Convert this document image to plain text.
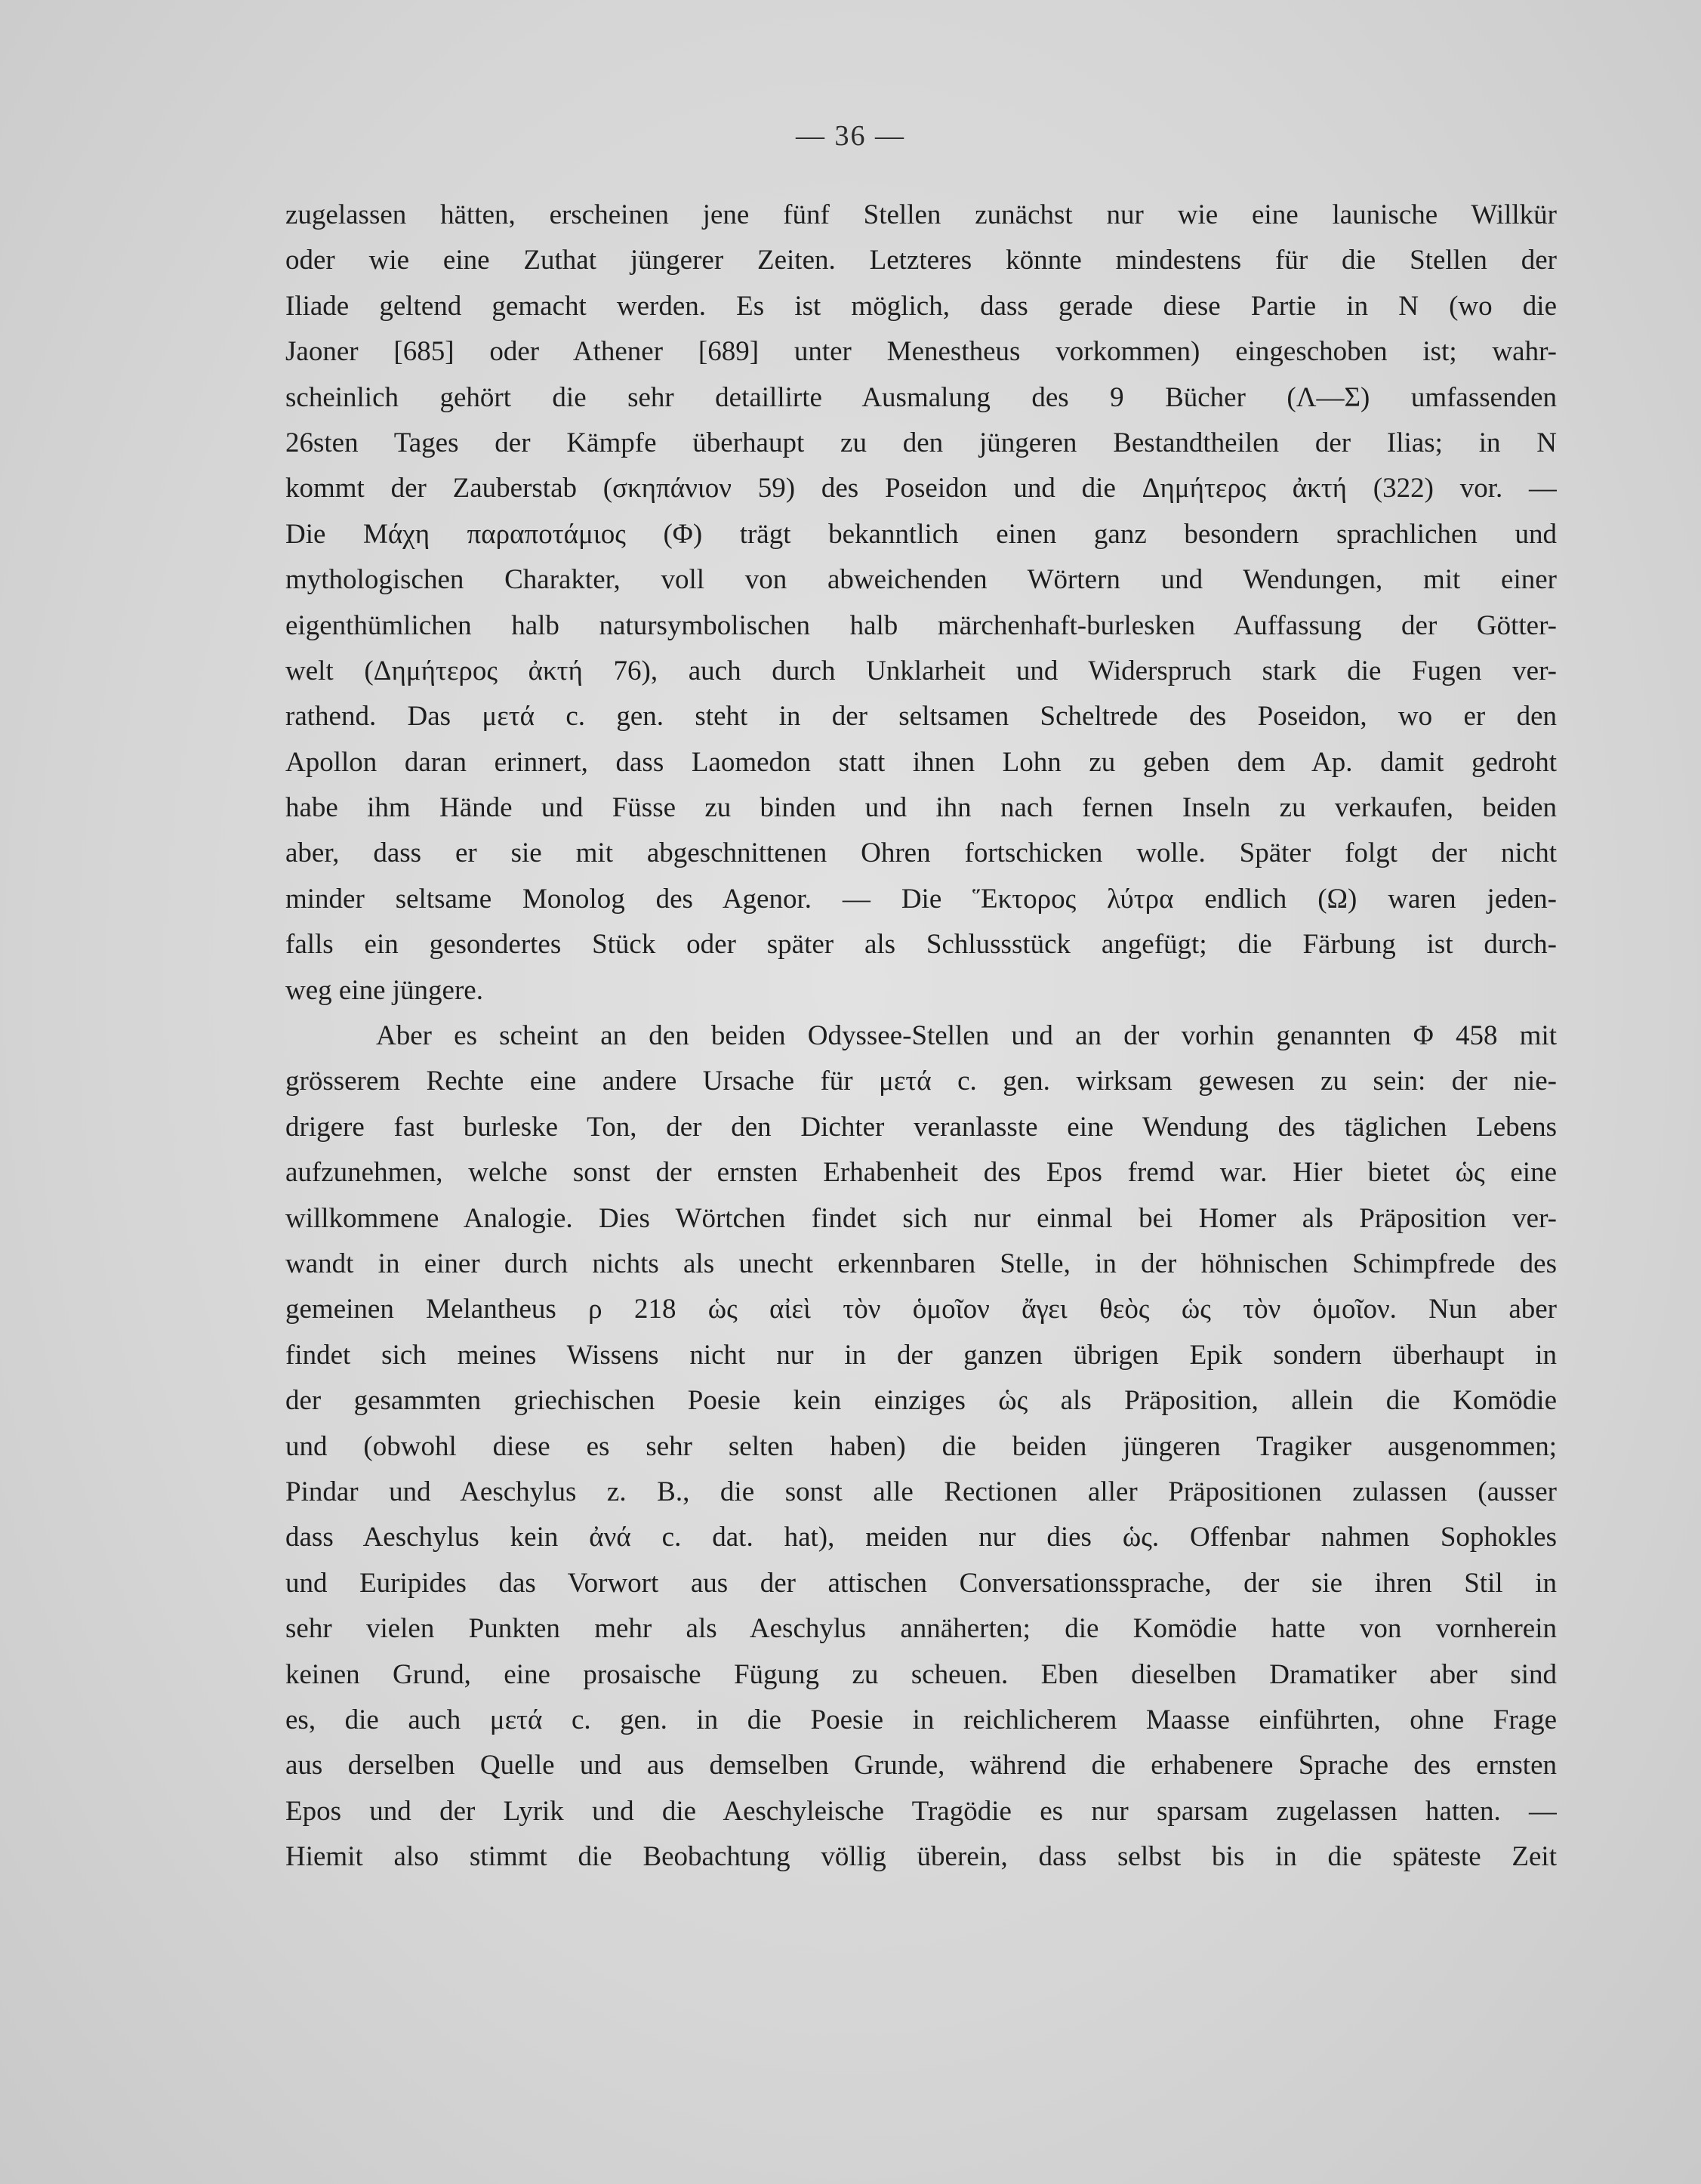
— 36 —
zugelassen hätten, erscheinen jene fünf Stellen zunächst nur wie eine launische Willkür
oder wie eine Zuthat jüngerer Zeiten. Letzteres könnte mindestens für die Stellen der
Iliade geltend gemacht werden. Es ist möglich, dass gerade diese Partie in N (wo die
Jaoner [685] oder Athener [689] unter Menestheus vorkommen) eingeschoben ist; wahr-
scheinlich gehört die sehr detaillirte Ausmalung des 9 Bücher (Λ—Σ) umfassenden
26sten Tages der Kämpfe überhaupt zu den jüngeren Bestandtheilen der Ilias; in N
kommt der Zauberstab (σκηπάνιον 59) des Poseidon und die Δημήτερος ἀκτή (322) vor. —
Die Μάχη παραποτάμιος (Φ) trägt bekanntlich einen ganz besondern sprachlichen und
mythologischen Charakter, voll von abweichenden Wörtern und Wendungen, mit einer
eigenthümlichen halb natursymbolischen halb märchenhaft-burlesken Auffassung der Götter-
welt (Δημήτερος ἀκτή 76), auch durch Unklarheit und Widerspruch stark die Fugen ver-
rathend. Das μετά c. gen. steht in der seltsamen Scheltrede des Poseidon, wo er den
Apollon daran erinnert, dass Laomedon statt ihnen Lohn zu geben dem Ap. damit gedroht
habe ihm Hände und Füsse zu binden und ihn nach fernen Inseln zu verkaufen, beiden
aber, dass er sie mit abgeschnittenen Ohren fortschicken wolle. Später folgt der nicht
minder seltsame Monolog des Agenor. — Die Ἕκτορος λύτρα endlich (Ω) waren jeden-
falls ein gesondertes Stück oder später als Schlussstück angefügt; die Färbung ist durch-
weg eine jüngere.
Aber es scheint an den beiden Odyssee-Stellen und an der vorhin genannten Φ 458 mit
grösserem Rechte eine andere Ursache für μετά c. gen. wirksam gewesen zu sein: der nie-
drigere fast burleske Ton, der den Dichter veranlasste eine Wendung des täglichen Lebens
aufzunehmen, welche sonst der ernsten Erhabenheit des Epos fremd war. Hier bietet ὡς eine
willkommene Analogie. Dies Wörtchen findet sich nur einmal bei Homer als Präposition ver-
wandt in einer durch nichts als unecht erkennbaren Stelle, in der höhnischen Schimpfrede des
gemeinen Melantheus ρ 218 ὡς αἰεὶ τὸν ὁμοῖον ἄγει θεὸς ὡς τὸν ὁμοῖον. Nun aber
findet sich meines Wissens nicht nur in der ganzen übrigen Epik sondern überhaupt in
der gesammten griechischen Poesie kein einziges ὡς als Präposition, allein die Komödie
und (obwohl diese es sehr selten haben) die beiden jüngeren Tragiker ausgenommen;
Pindar und Aeschylus z. B., die sonst alle Rectionen aller Präpositionen zulassen (ausser
dass Aeschylus kein ἀνά c. dat. hat), meiden nur dies ὡς. Offenbar nahmen Sophokles
und Euripides das Vorwort aus der attischen Conversationssprache, der sie ihren Stil in
sehr vielen Punkten mehr als Aeschylus annäherten; die Komödie hatte von vornherein
keinen Grund, eine prosaische Fügung zu scheuen. Eben dieselben Dramatiker aber sind
es, die auch μετά c. gen. in die Poesie in reichlicherem Maasse einführten, ohne Frage
aus derselben Quelle und aus demselben Grunde, während die erhabenere Sprache des ernsten
Epos und der Lyrik und die Aeschyleische Tragödie es nur sparsam zugelassen hatten. —
Hiemit also stimmt die Beobachtung völlig überein, dass selbst bis in die späteste Zeit
